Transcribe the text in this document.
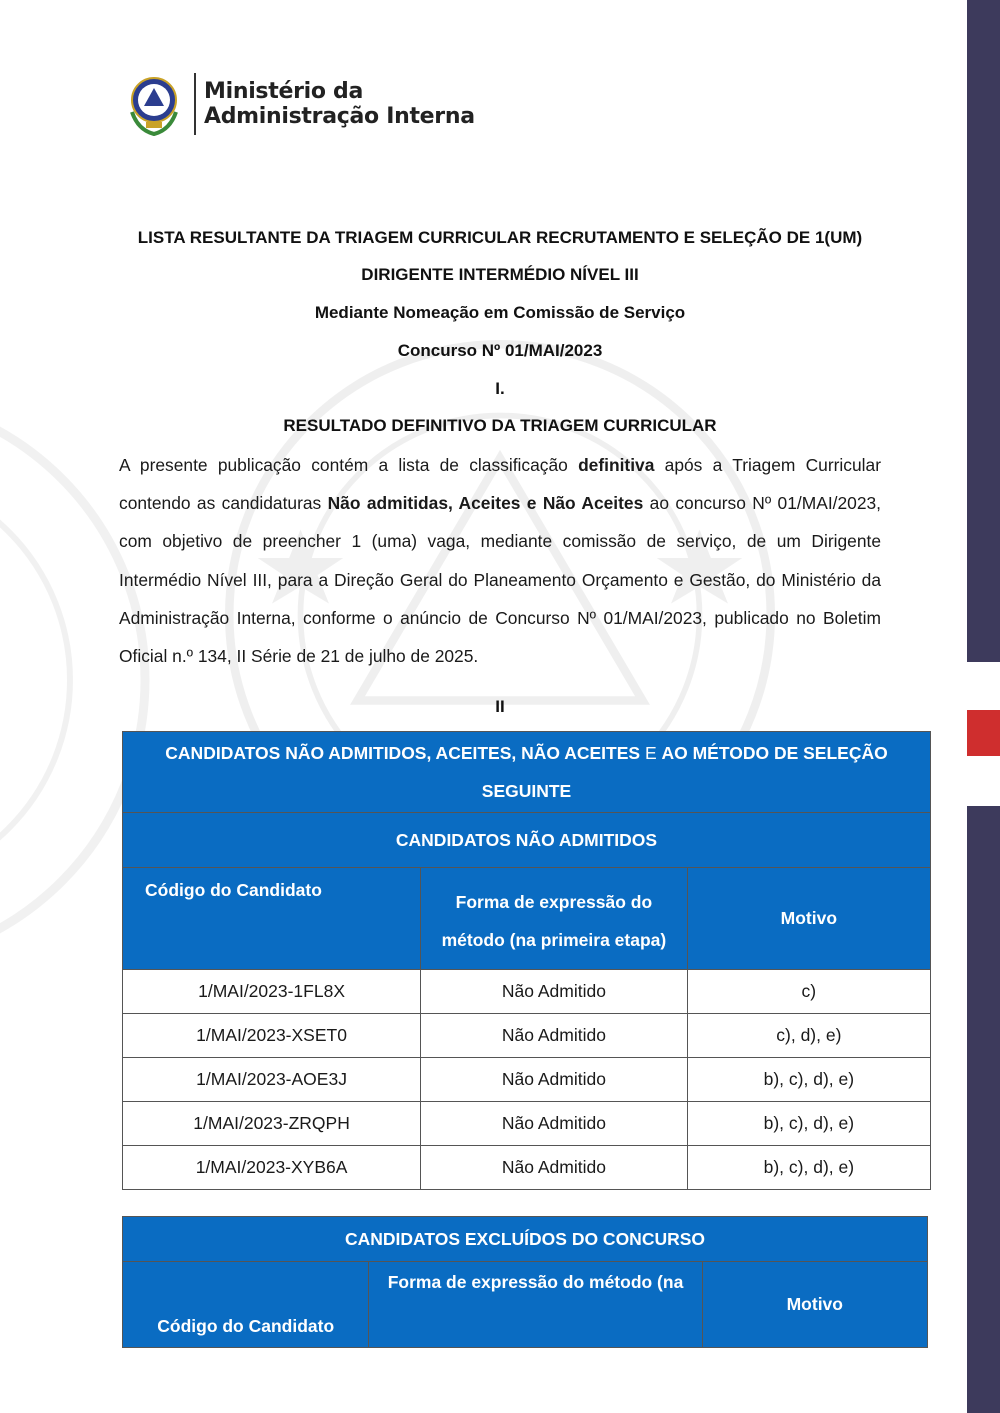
Ministério da
Administração Interna
LISTA RESULTANTE DA TRIAGEM CURRICULAR RECRUTAMENTO E SELEÇÃO DE 1(UM)
DIRIGENTE INTERMÉDIO NÍVEL III
Mediante Nomeação em Comissão de Serviço
Concurso Nº 01/MAI/2023
I.
RESULTADO DEFINITIVO DA TRIAGEM CURRICULAR
A presente publicação contém a lista de classificação definitiva após a Triagem Curricular contendo as candidaturas Não admitidas, Aceites e Não Aceites ao concurso Nº 01/MAI/2023, com objetivo de preencher 1 (uma) vaga, mediante comissão de serviço, de um Dirigente Intermédio Nível III, para a Direção Geral do Planeamento Orçamento e Gestão, do Ministério da Administração Interna, conforme o anúncio de Concurso Nº 01/MAI/2023, publicado no Boletim Oficial n.º 134, II Série de 21 de julho de 2025.
II
CANDIDATOS NÃO ADMITIDOS, ACEITES, NÃO ACEITES E AO MÉTODO DE SELEÇÃO
SEGUINTE		
CANDIDATOS NÃO ADMITIDOS		
Código do Candidato	Forma de expressão do
método (na primeira etapa)	Motivo
1/MAI/2023-1FL8X	Não Admitido	c)
1/MAI/2023-XSET0	Não Admitido	c), d), e)
1/MAI/2023-AOE3J	Não Admitido	b), c), d), e)
1/MAI/2023-ZRQPH	Não Admitido	b), c), d), e)
1/MAI/2023-XYB6A	Não Admitido	b), c), d), e)
CANDIDATOS EXCLUÍDOS DO CONCURSO
Código do Candidato	Forma de expressão do método (na	Motivo
